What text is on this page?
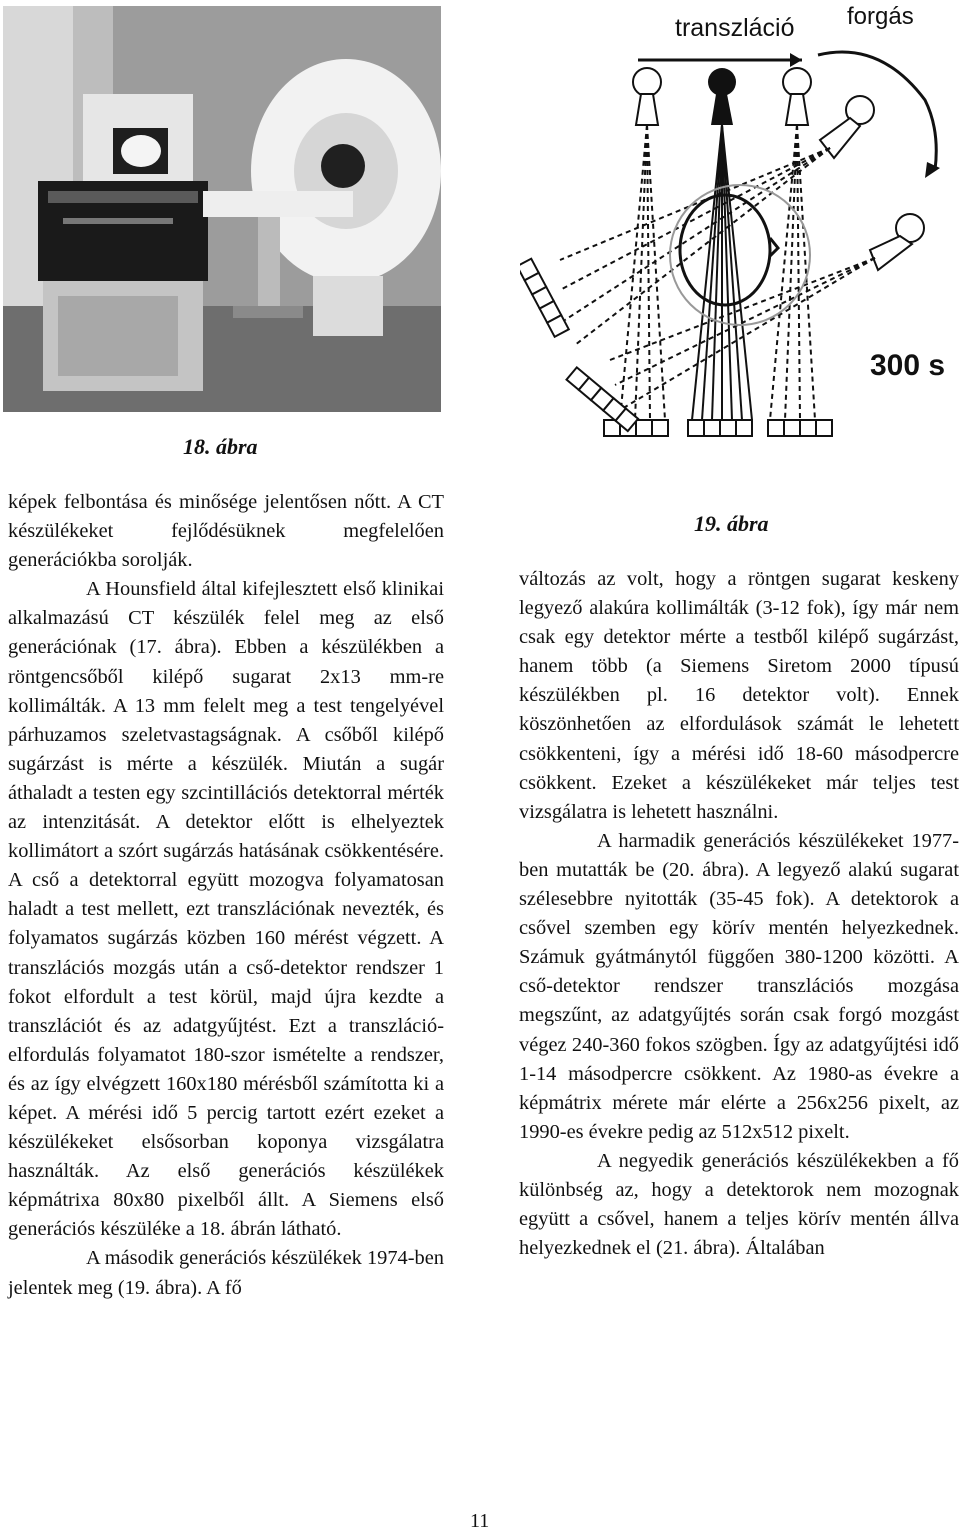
18. ábra
transzláció forgás
300 s
19. ábra

képek felbontása és minősége jelentősen nőtt. A CT készülékeket fejlődésüknek megfelelően generációkba sorolják.

A Hounsfield által kifejlesztett első klinikai alkalmazású CT készülék felel meg az első generációnak (17. ábra). Ebben a készülékben a röntgencsőből kilépő sugarat 2x13 mm-re kollimálták. A 13 mm felelt meg a test tengelyével párhuzamos szeletvastagságnak. A csőből kilépő sugárzást is mérte a készülék. Miután a sugár áthaladt a testen egy szcintillációs detektorral mérték az intenzitását. A detektor előtt is elhelyeztek kollimátort a szórt sugárzás hatásának csökkentésére. A cső a detektorral együtt mozogva folyamatosan haladt a test mellett, ezt transzlációnak nevezték, és folyamatos sugárzás közben 160 mérést végzett. A transzlációs mozgás után a cső-detektor rendszer 1 fokot elfordult a test körül, majd újra kezdte a transzlációt és az adatgyűjtést. Ezt a transzláció-elfordulás folyamatot 180-szor ismételte a rendszer, és az így elvégzett 160x180 mérésből számította ki a képet. A mérési idő 5 percig tartott ezért ezeket a készülékeket elsősorban koponya vizsgálatra használták. Az első generációs készülékek képmátrixa 80x80 pixelből állt. A Siemens első generációs készüléke a 18. ábrán látható.

A második generációs készülékek 1974-ben jelentek meg (19. ábra). A fő

változás az volt, hogy a röntgen sugarat keskeny legyező alakúra kollimálták (3-12 fok), így már nem csak egy detektor mérte a testből kilépő sugárzást, hanem több (a Siemens Siretom 2000 típusú készülékben pl. 16 detektor volt). Ennek köszönhetően az elfordulások számát le lehetett csökkenteni, így a mérési idő 18-60 másodpercre csökkent. Ezeket a készülékeket már teljes test vizsgálatra is lehetett használni.

A harmadik generációs készülékeket 1977-ben mutatták be (20. ábra). A legyező alakú sugarat szélesebbre nyitották (35-45 fok). A detektorok a csővel szemben egy körív mentén helyezkednek. Számuk gyátmánytól függően 380-1200 közötti. A cső-detektor rendszer transzlációs mozgása megszűnt, az adatgyűjtés során csak forgó mozgást végez 240-360 fokos szögben. Így az adatgyűjtési idő 1-14 másodpercre csökkent. Az 1980-as évekre a képmátrix mérete már elérte a 256x256 pixelt, az 1990-es évekre pedig az 512x512 pixelt.

A negyedik generációs készülékekben a fő különbség az, hogy a detektorok nem mozognak együtt a csővel, hanem a teljes körív mentén állva helyezkednek el (21. ábra). Általában

11
